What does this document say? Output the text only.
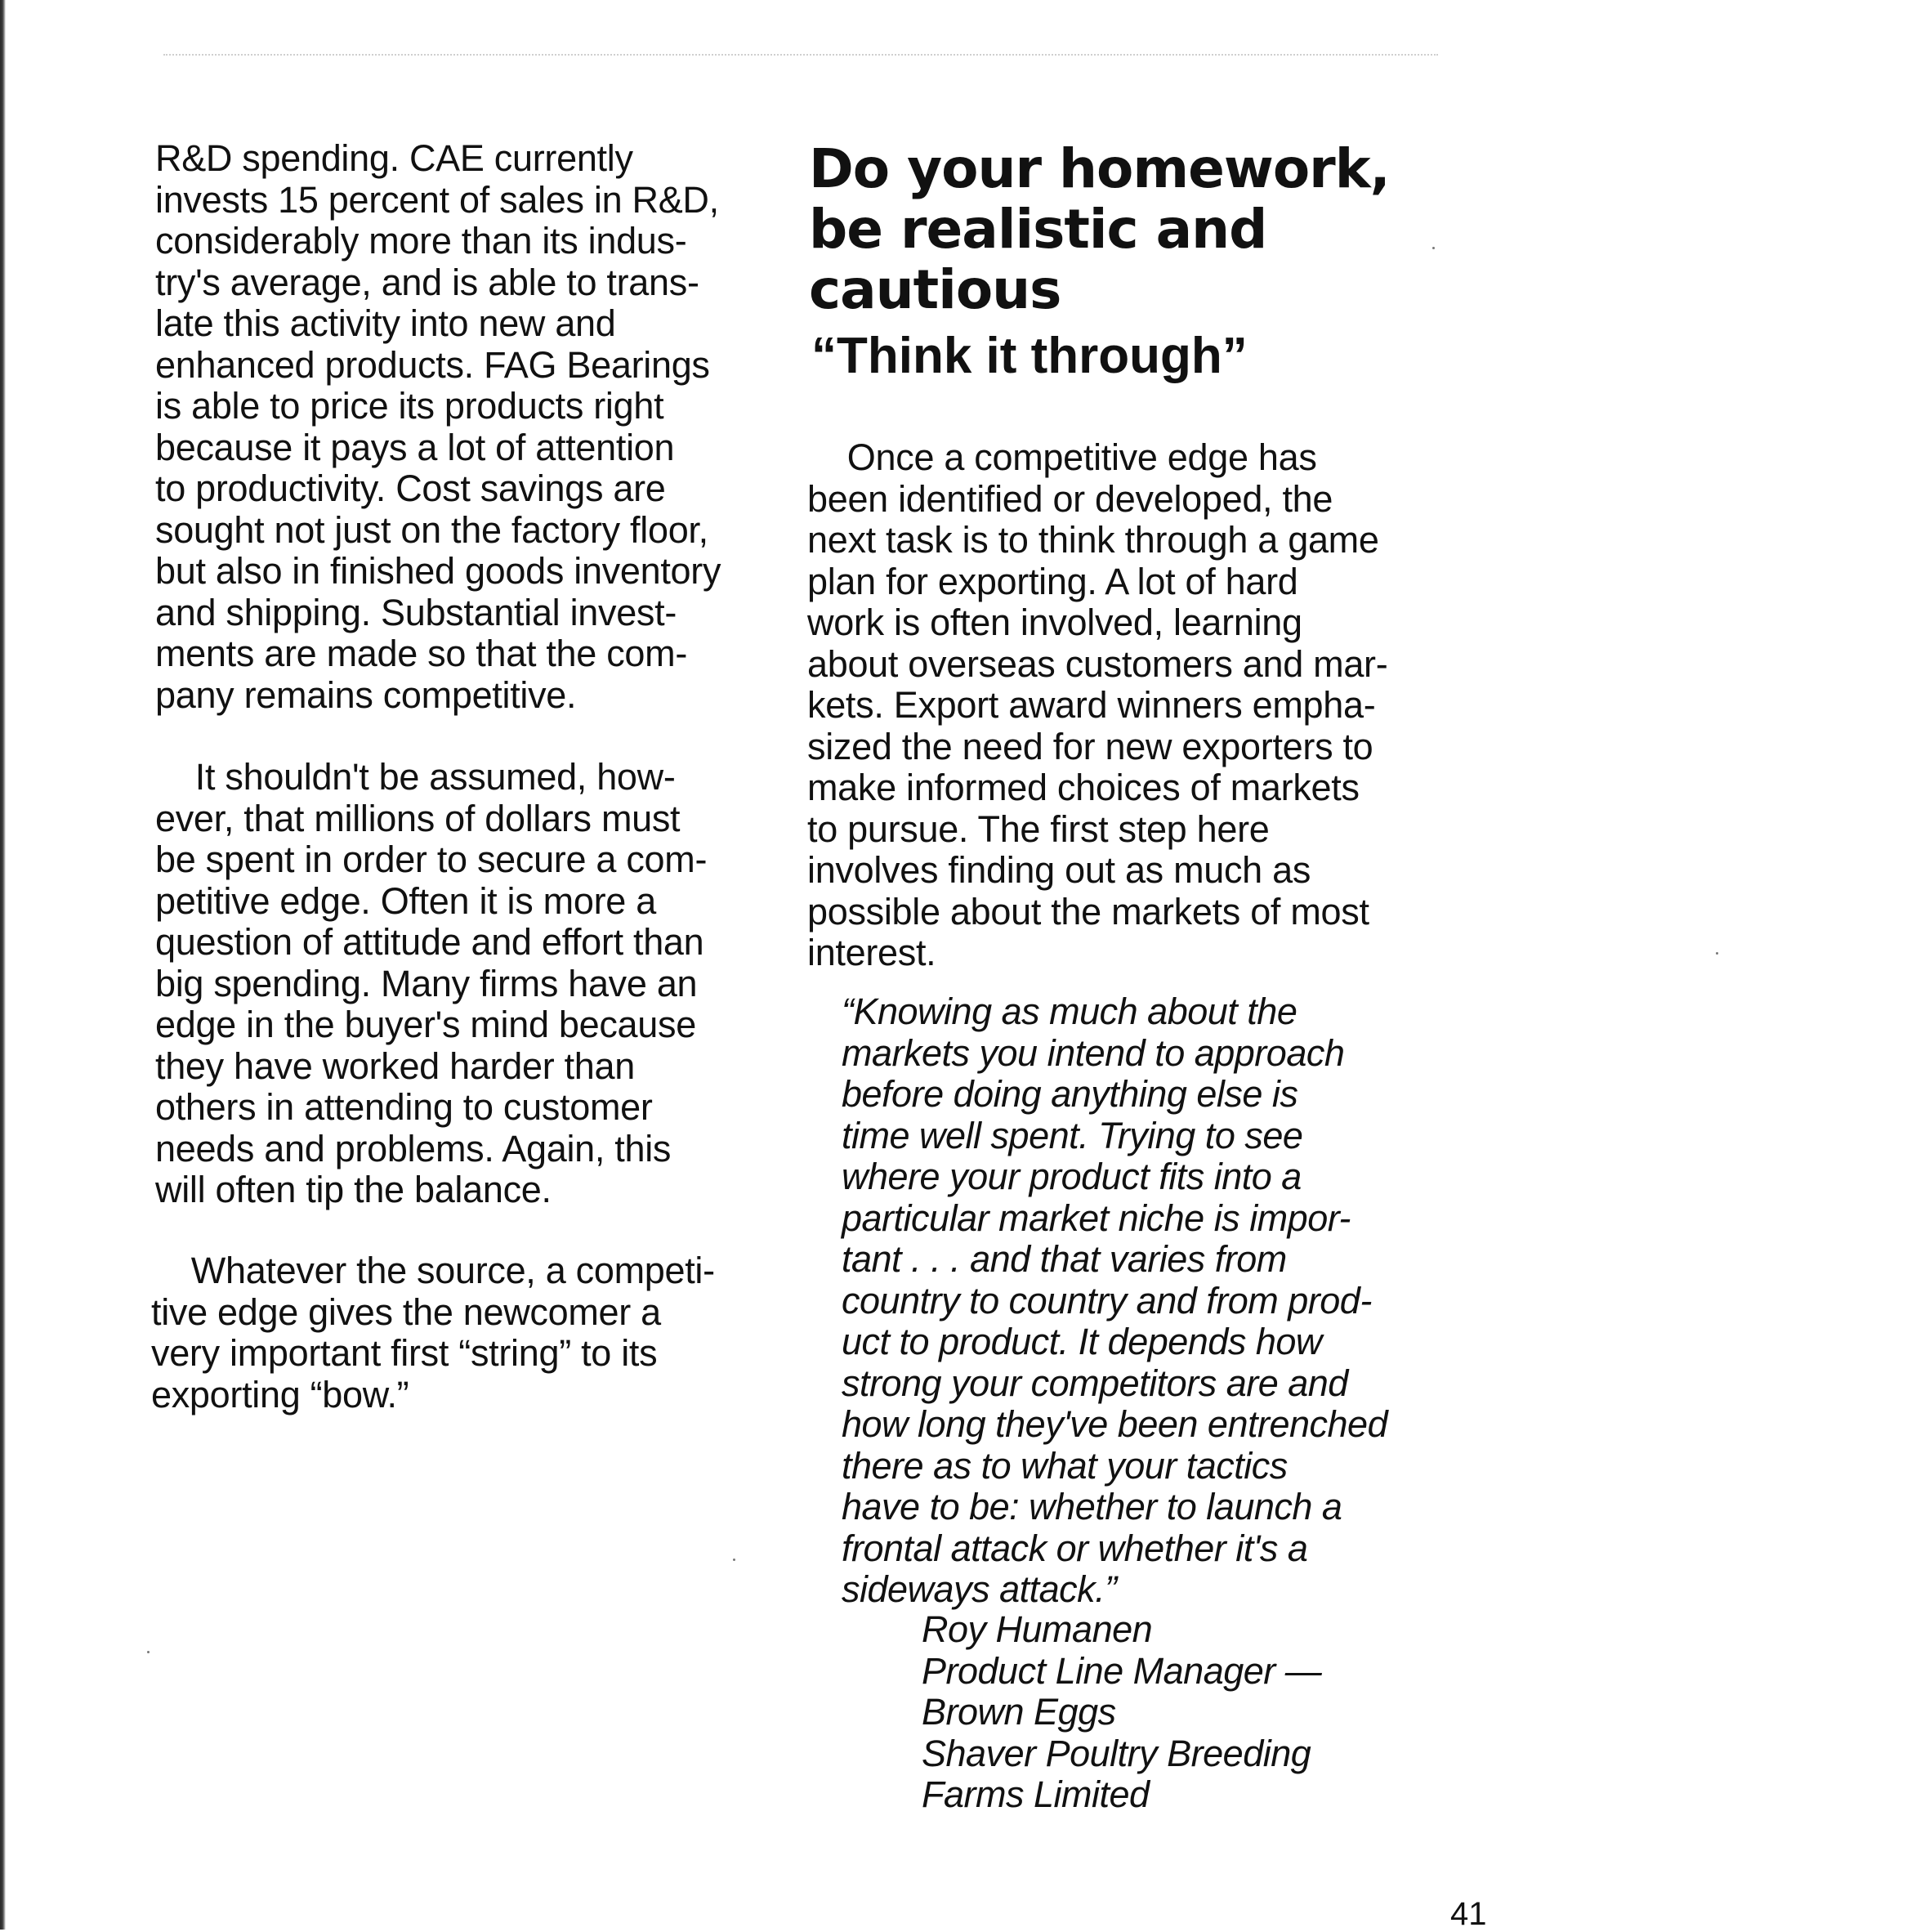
R&D spending. CAE currently
invests 15 percent of sales in R&D,
considerably more than its indus-
try's average, and is able to trans-
late this activity into new and
enhanced products. FAG Bearings
is able to price its products right
because it pays a lot of attention
to productivity. Cost savings are
sought not just on the factory floor,
but also in finished goods inventory
and shipping. Substantial invest-
ments are made so that the com-
pany remains competitive.

It shouldn't be assumed, how-
ever, that millions of dollars must
be spent in order to secure a com-
petitive edge. Often it is more a
question of attitude and effort than
big spending. Many firms have an
edge in the buyer's mind because
they have worked harder than
others in attending to customer
needs and problems. Again, this
will often tip the balance.

Whatever the source, a competi-
tive edge gives the newcomer a
very important first “string” to its
exporting “bow.”

Do your homework,
be realistic and
cautious
“Think it through”

Once a competitive edge has
been identified or developed, the
next task is to think through a game
plan for exporting. A lot of hard
work is often involved, learning
about overseas customers and mar-
kets. Export award winners empha-
sized the need for new exporters to
make informed choices of markets
to pursue. The first step here
involves finding out as much as
possible about the markets of most
interest.

“Knowing as much about the
markets you intend to approach
before doing anything else is
time well spent. Trying to see
where your product fits into a
particular market niche is impor-
tant . . . and that varies from
country to country and from prod-
uct to product. It depends how
strong your competitors are and
how long they've been entrenched
there as to what your tactics
have to be: whether to launch a
frontal attack or whether it's a
sideways attack.”

Roy Humanen
Product Line Manager —
Brown Eggs
Shaver Poultry Breeding
Farms Limited
41
